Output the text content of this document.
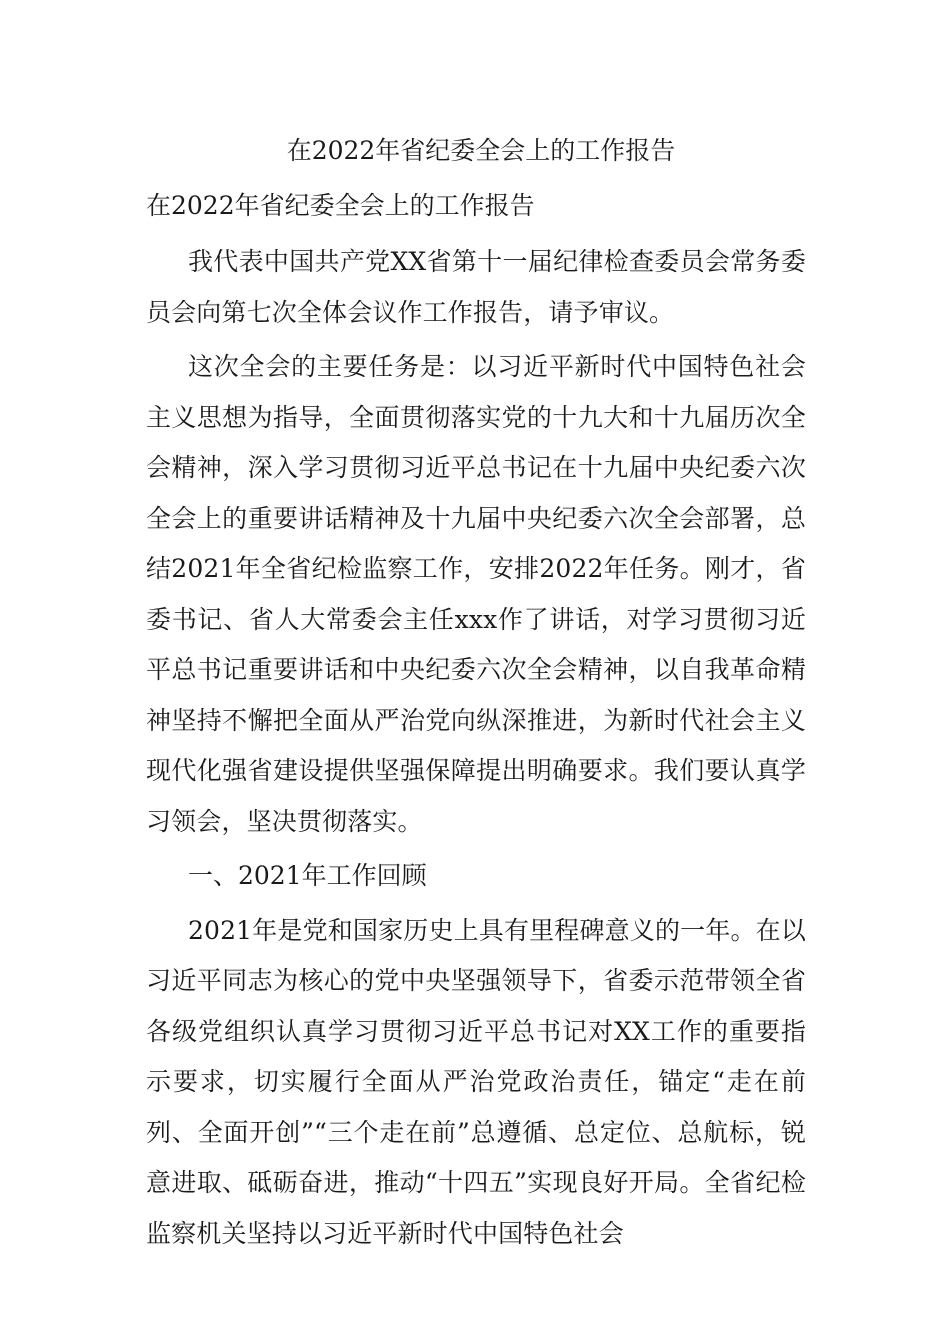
在2022年省纪委全会上的工作报告
在2022年省纪委全会上的工作报告

我代表中国共产党XX省第十一届纪律检查委员会常务委员会向第七次全体会议作工作报告，请予审议。

这次全会的主要任务是：以习近平新时代中国特色社会主义思想为指导，全面贯彻落实党的十九大和十九届历次全会精神，深入学习贯彻习近平总书记在十九届中央纪委六次全会上的重要讲话精神及十九届中央纪委六次全会部署，总结2021年全省纪检监察工作，安排2022年任务。刚才，省委书记、省人大常委会主任xxx作了讲话，对学习贯彻习近平总书记重要讲话和中央纪委六次全会精神，以自我革命精神坚持不懈把全面从严治党向纵深推进，为新时代社会主义现代化强省建设提供坚强保障提出明确要求。我们要认真学习领会，坚决贯彻落实。

一、2021年工作回顾

2021年是党和国家历史上具有里程碑意义的一年。在以习近平同志为核心的党中央坚强领导下，省委示范带领全省各级党组织认真学习贯彻习近平总书记对XX工作的重要指示要求，切实履行全面从严治党政治责任，锚定“走在前列、全面开创”“三个走在前”总遵循、总定位、总航标，锐意进取、砥砺奋进，推动“十四五”实现良好开局。全省纪检监察机关坚持以习近平新时代中国特色社会
